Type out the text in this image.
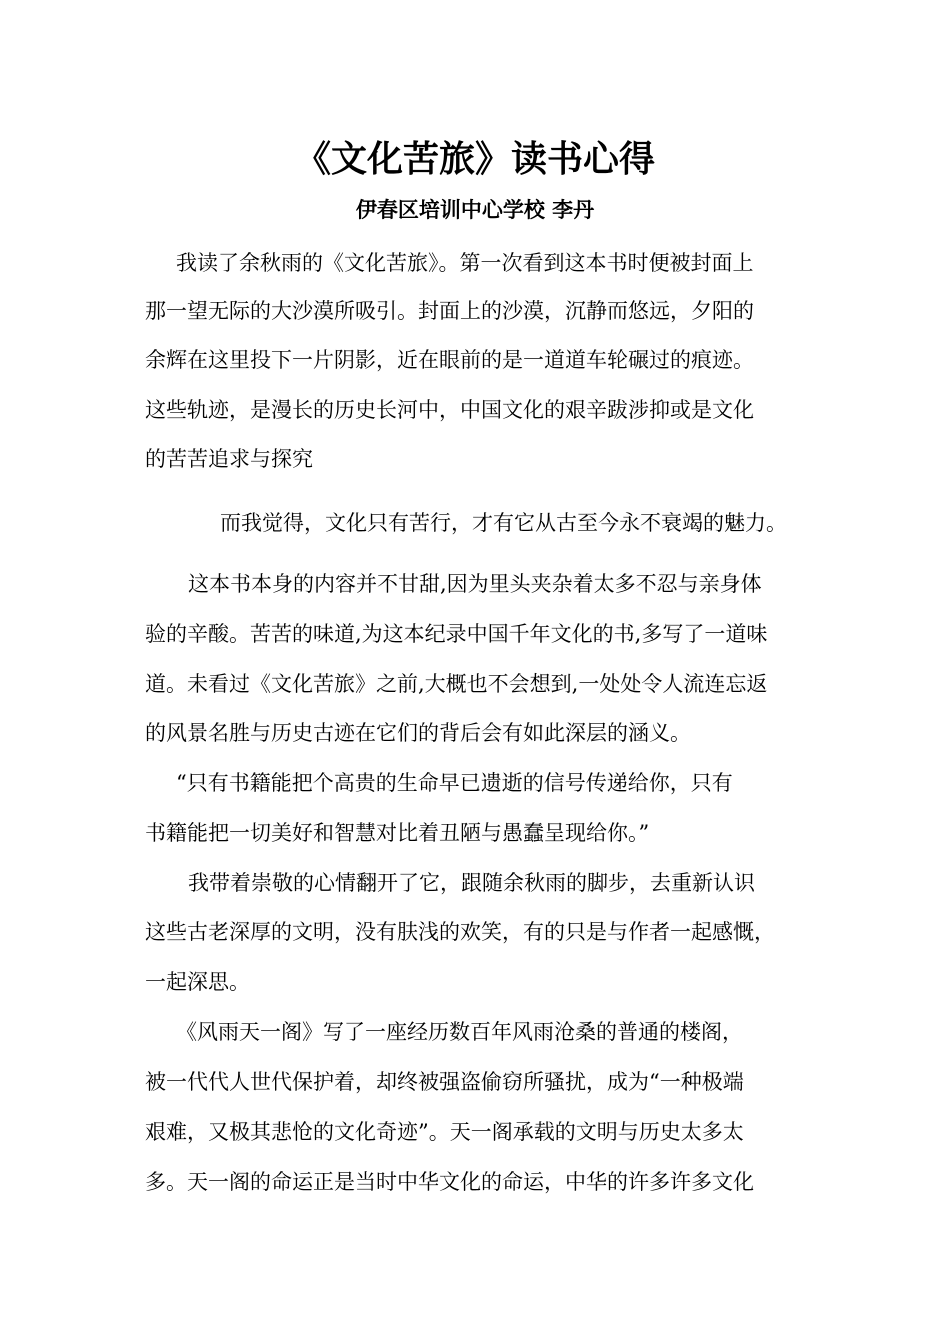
《文化苦旅》读书心得
伊春区培训中心学校 李丹
我读了余秋雨的《文化苦旅》。第一次看到这本书时便被封面上
那一望无际的大沙漠所吸引。封面上的沙漠，沉静而悠远，夕阳的
余辉在这里投下一片阴影，近在眼前的是一道道车轮碾过的痕迹。
这些轨迹，是漫长的历史长河中，中国文化的艰辛跋涉抑或是文化
的苦苦追求与探究
而我觉得，文化只有苦行，才有它从古至今永不衰竭的魅力。
这本书本身的内容并不甘甜,因为里头夹杂着太多不忍与亲身体
验的辛酸。苦苦的味道,为这本纪录中国千年文化的书,多写了一道味
道。未看过《文化苦旅》之前,大概也不会想到,一处处令人流连忘返
的风景名胜与历史古迹在它们的背后会有如此深层的涵义。
“只有书籍能把个高贵的生命早已遗逝的信号传递给你，只有
书籍能把一切美好和智慧对比着丑陋与愚蠢呈现给你。”
我带着崇敬的心情翻开了它，跟随余秋雨的脚步，去重新认识
这些古老深厚的文明，没有肤浅的欢笑，有的只是与作者一起感慨，
一起深思。
《风雨天一阁》写了一座经历数百年风雨沧桑的普通的楼阁，
被一代代人世代保护着，却终被强盗偷窃所骚扰，成为“一种极端
艰难，又极其悲怆的文化奇迹”。天一阁承载的文明与历史太多太
多。天一阁的命运正是当时中华文化的命运，中华的许多许多文化
